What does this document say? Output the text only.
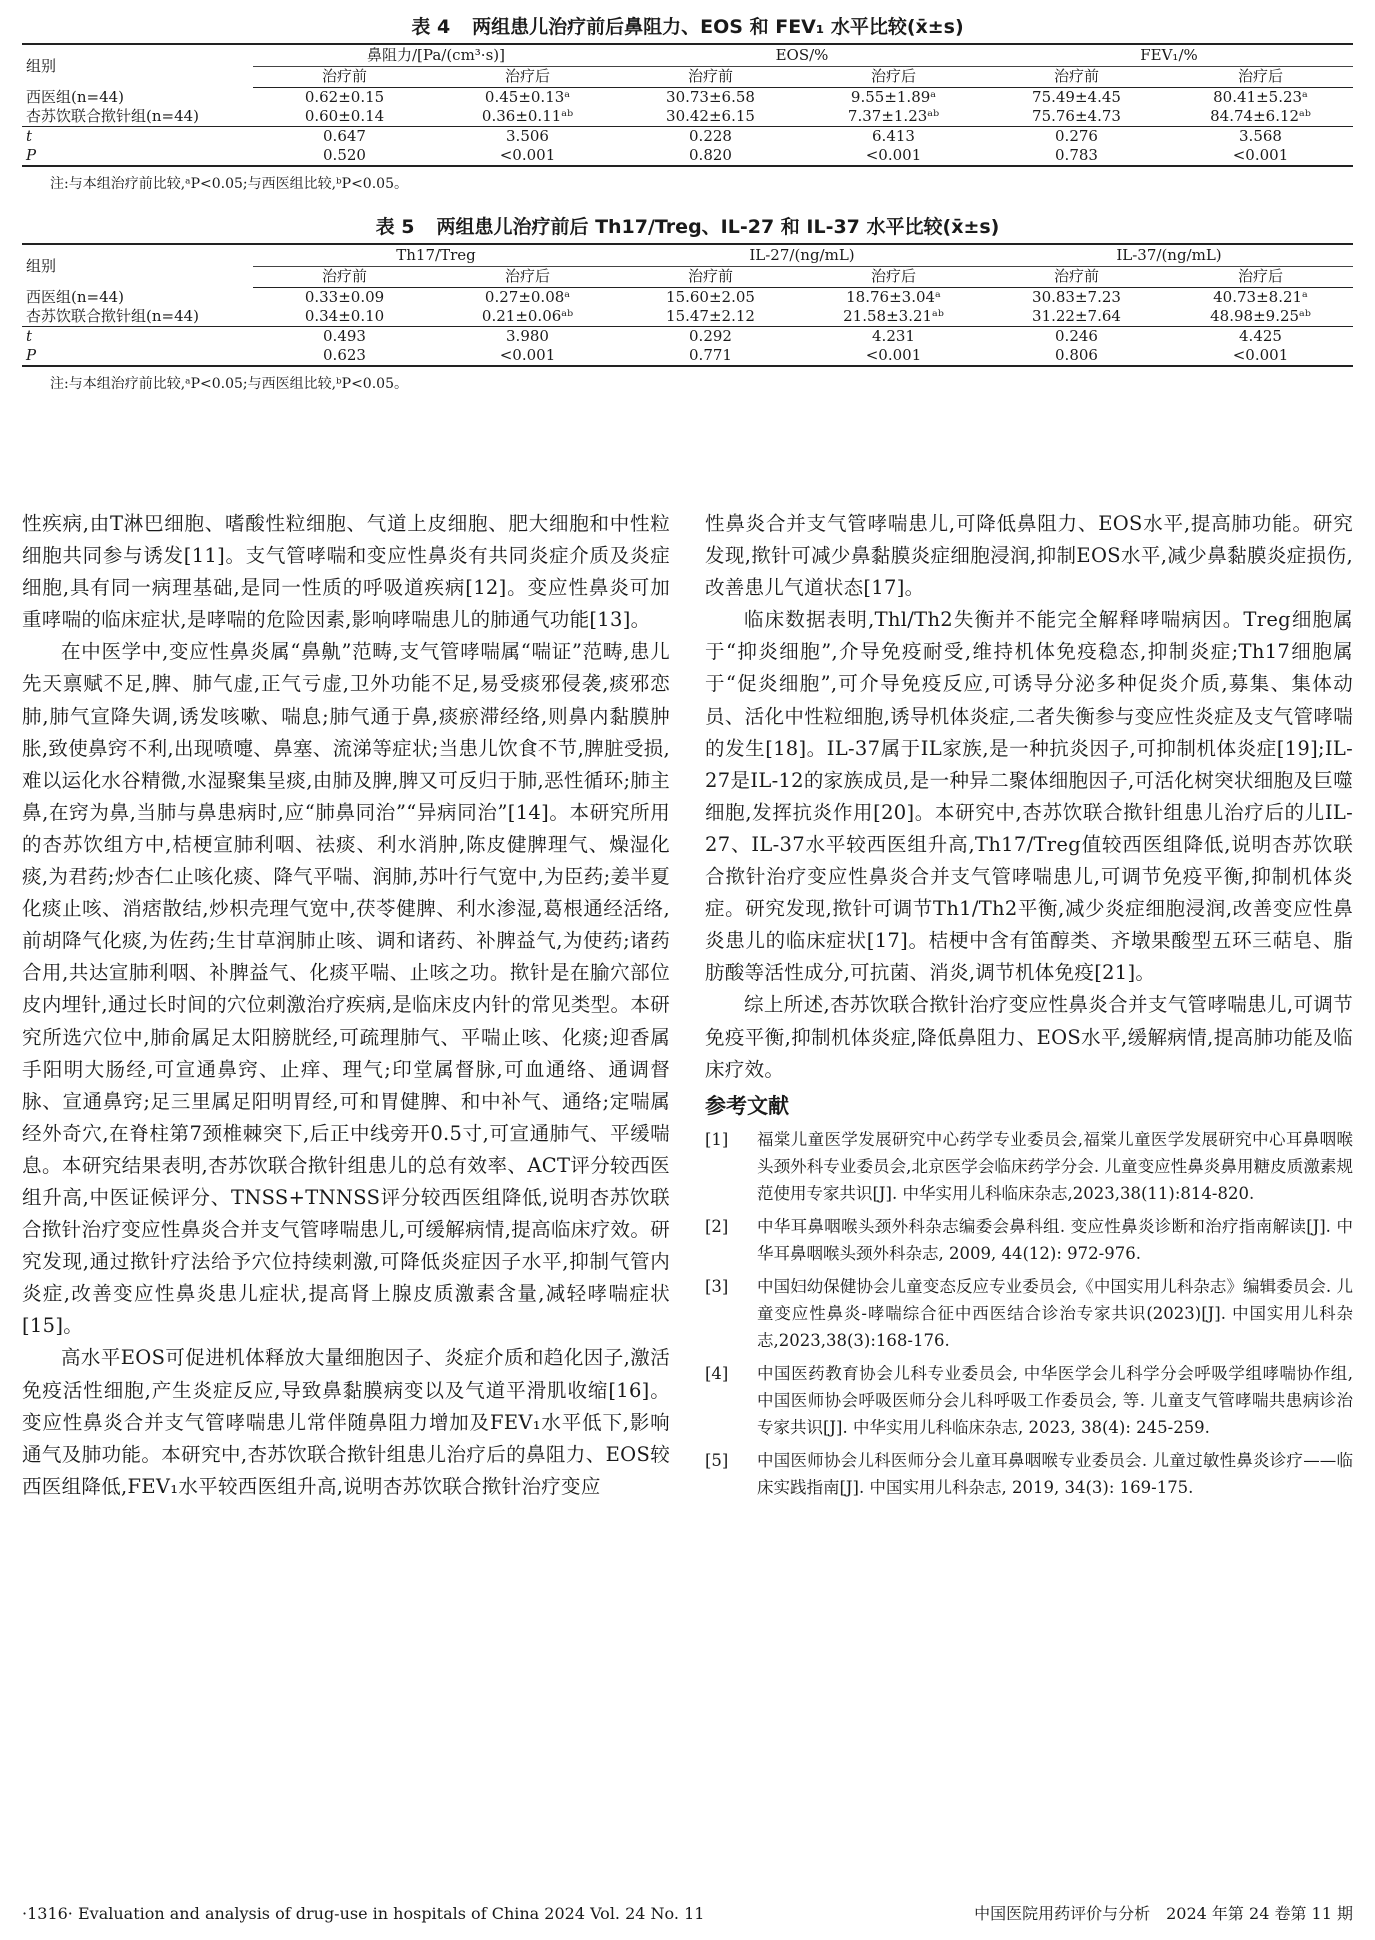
表 4 两组患儿治疗前后鼻阻力、EOS 和 FEV₁ 水平比较(x̄±s)

组别	鼻阻力/[Pa/(cm³·s)]		EOS/%		FEV₁/%	
	治疗前	治疗后	治疗前	治疗后	治疗前	治疗后
西医组(n=44)	0.62±0.15	0.45±0.13ᵃ	30.73±6.58	9.55±1.89ᵃ	75.49±4.45	80.41±5.23ᵃ
杏苏饮联合揿针组(n=44)	0.60±0.14	0.36±0.11ᵃᵇ	30.42±6.15	7.37±1.23ᵃᵇ	75.76±4.73	84.74±6.12ᵃᵇ
t	0.647	3.506	0.228	6.413	0.276	3.568
P	0.520	<0.001	0.820	<0.001	0.783	<0.001

注:与本组治疗前比较,ᵃP<0.05;与西医组比较,ᵇP<0.05。

表 5 两组患儿治疗前后 Th17/Treg、IL-27 和 IL-37 水平比较(x̄±s)

组别	Th17/Treg		IL-27/(ng/mL)		IL-37/(ng/mL)	
	治疗前	治疗后	治疗前	治疗后	治疗前	治疗后
西医组(n=44)	0.33±0.09	0.27±0.08ᵃ	15.60±2.05	18.76±3.04ᵃ	30.83±7.23	40.73±8.21ᵃ
杏苏饮联合揿针组(n=44)	0.34±0.10	0.21±0.06ᵃᵇ	15.47±2.12	21.58±3.21ᵃᵇ	31.22±7.64	48.98±9.25ᵃᵇ
t	0.493	3.980	0.292	4.231	0.246	4.425
P	0.623	<0.001	0.771	<0.001	0.806	<0.001

注:与本组治疗前比较,ᵃP<0.05;与西医组比较,ᵇP<0.05。

性疾病,由T淋巴细胞、嗜酸性粒细胞、气道上皮细胞、肥大细胞和中性粒细胞共同参与诱发[11]。支气管哮喘和变应性鼻炎有共同炎症介质及炎症细胞,具有同一病理基础,是同一性质的呼吸道疾病[12]。变应性鼻炎可加重哮喘的临床症状,是哮喘的危险因素,影响哮喘患儿的肺通气功能[13]。

在中医学中,变应性鼻炎属“鼻鼽”范畴,支气管哮喘属“喘证”范畴,患儿先天禀赋不足,脾、肺气虚,正气亏虚,卫外功能不足,易受痰邪侵袭,痰邪恋肺,肺气宣降失调,诱发咳嗽、喘息;肺气通于鼻,痰瘀滞经络,则鼻内黏膜肿胀,致使鼻窍不利,出现喷嚏、鼻塞、流涕等症状;当患儿饮食不节,脾脏受损,难以运化水谷精微,水湿聚集呈痰,由肺及脾,脾又可反归于肺,恶性循环;肺主鼻,在窍为鼻,当肺与鼻患病时,应“肺鼻同治”“异病同治”[14]。本研究所用的杏苏饮组方中,桔梗宣肺利咽、祛痰、利水消肿,陈皮健脾理气、燥湿化痰,为君药;炒杏仁止咳化痰、降气平喘、润肺,苏叶行气宽中,为臣药;姜半夏化痰止咳、消痞散结,炒枳壳理气宽中,茯苓健脾、利水渗湿,葛根通经活络,前胡降气化痰,为佐药;生甘草润肺止咳、调和诸药、补脾益气,为使药;诸药合用,共达宣肺利咽、补脾益气、化痰平喘、止咳之功。揿针是在腧穴部位皮内埋针,通过长时间的穴位刺激治疗疾病,是临床皮内针的常见类型。本研究所选穴位中,肺俞属足太阳膀胱经,可疏理肺气、平喘止咳、化痰;迎香属手阳明大肠经,可宣通鼻窍、止痒、理气;印堂属督脉,可血通络、通调督脉、宣通鼻窍;足三里属足阳明胃经,可和胃健脾、和中补气、通络;定喘属经外奇穴,在脊柱第7颈椎棘突下,后正中线旁开0.5寸,可宣通肺气、平缓喘息。本研究结果表明,杏苏饮联合揿针组患儿的总有效率、ACT评分较西医组升高,中医证候评分、TNSS+TNNSS评分较西医组降低,说明杏苏饮联合揿针治疗变应性鼻炎合并支气管哮喘患儿,可缓解病情,提高临床疗效。研究发现,通过揿针疗法给予穴位持续刺激,可降低炎症因子水平,抑制气管内炎症,改善变应性鼻炎患儿症状,提高肾上腺皮质激素含量,减轻哮喘症状[15]。

高水平EOS可促进机体释放大量细胞因子、炎症介质和趋化因子,激活免疫活性细胞,产生炎症反应,导致鼻黏膜病变以及气道平滑肌收缩[16]。变应性鼻炎合并支气管哮喘患儿常伴随鼻阻力增加及FEV₁水平低下,影响通气及肺功能。本研究中,杏苏饮联合揿针组患儿治疗后的鼻阻力、EOS较西医组降低,FEV₁水平较西医组升高,说明杏苏饮联合揿针治疗变应

性鼻炎合并支气管哮喘患儿,可降低鼻阻力、EOS水平,提高肺功能。研究发现,揿针可减少鼻黏膜炎症细胞浸润,抑制EOS水平,减少鼻黏膜炎症损伤,改善患儿气道状态[17]。

临床数据表明,Thl/Th2失衡并不能完全解释哮喘病因。Treg细胞属于“抑炎细胞”,介导免疫耐受,维持机体免疫稳态,抑制炎症;Th17细胞属于“促炎细胞”,可介导免疫反应,可诱导分泌多种促炎介质,募集、集体动员、活化中性粒细胞,诱导机体炎症,二者失衡参与变应性炎症及支气管哮喘的发生[18]。IL-37属于IL家族,是一种抗炎因子,可抑制机体炎症[19];IL-27是IL-12的家族成员,是一种异二聚体细胞因子,可活化树突状细胞及巨噬细胞,发挥抗炎作用[20]。本研究中,杏苏饮联合揿针组患儿治疗后的儿IL-27、IL-37水平较西医组升高,Th17/Treg值较西医组降低,说明杏苏饮联合揿针治疗变应性鼻炎合并支气管哮喘患儿,可调节免疫平衡,抑制机体炎症。研究发现,揿针可调节Th1/Th2平衡,减少炎症细胞浸润,改善变应性鼻炎患儿的临床症状[17]。桔梗中含有笛醇类、齐墩果酸型五环三萜皂、脂肪酸等活性成分,可抗菌、消炎,调节机体免疫[21]。

综上所述,杏苏饮联合揿针治疗变应性鼻炎合并支气管哮喘患儿,可调节免疫平衡,抑制机体炎症,降低鼻阻力、EOS水平,缓解病情,提高肺功能及临床疗效。

参考文献
[1]	福棠儿童医学发展研究中心药学专业委员会,福棠儿童医学发展研究中心耳鼻咽喉头颈外科专业委员会,北京医学会临床药学分会. 儿童变应性鼻炎鼻用糖皮质激素规范使用专家共识[J]. 中华实用儿科临床杂志,2023,38(11):814-820.
[2]	中华耳鼻咽喉头颈外科杂志编委会鼻科组. 变应性鼻炎诊断和治疗指南解读[J]. 中华耳鼻咽喉头颈外科杂志, 2009, 44(12): 972-976.
[3]	中国妇幼保健协会儿童变态反应专业委员会,《中国实用儿科杂志》编辑委员会. 儿童变应性鼻炎-哮喘综合征中西医结合诊治专家共识(2023)[J]. 中国实用儿科杂志,2023,38(3):168-176.
[4]	中国医药教育协会儿科专业委员会, 中华医学会儿科学分会呼吸学组哮喘协作组, 中国医师协会呼吸医师分会儿科呼吸工作委员会, 等. 儿童支气管哮喘共患病诊治专家共识[J]. 中华实用儿科临床杂志, 2023, 38(4): 245-259.
[5]	中国医师协会儿科医师分会儿童耳鼻咽喉专业委员会. 儿童过敏性鼻炎诊疗——临床实践指南[J]. 中国实用儿科杂志, 2019, 34(3): 169-175.
·1316· Evaluation and analysis of drug-use in hospitals of China 2024 Vol. 24 No. 11	中国医院用药评价与分析　2024 年第 24 卷第 11 期
